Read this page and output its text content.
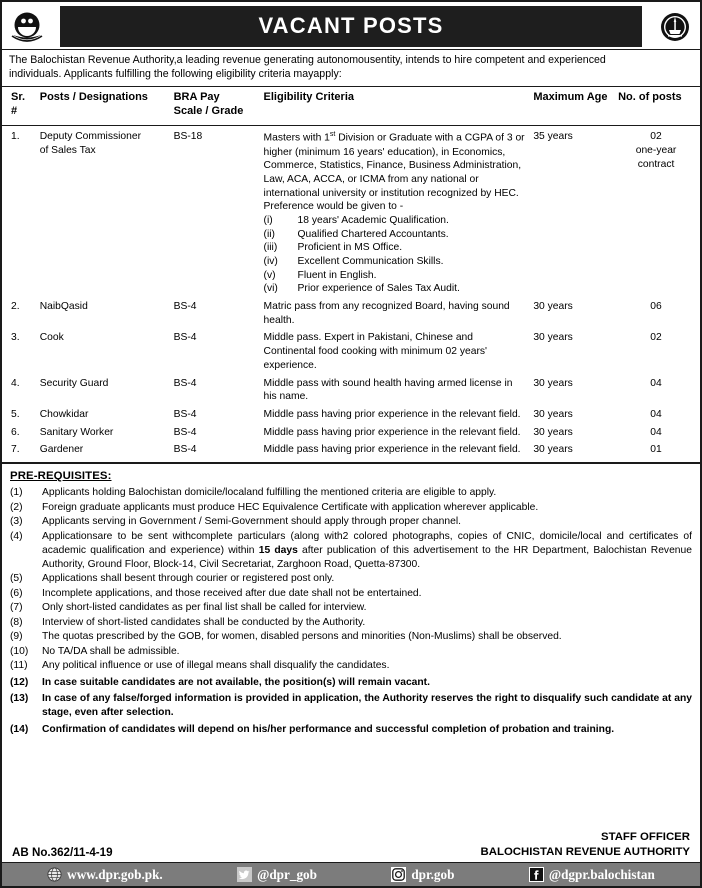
VACANT POSTS
The Balochistan Revenue Authority,a leading revenue generating autonomousentity, intends to hire competent and experienced
individuals. Applicants fulfilling the following eligibility criteria mayapply:
Sr. #	Posts / Designations	BRA Pay
Scale / Grade	Eligibility Criteria	Maximum Age	No. of posts
1.	Deputy Commissioner
of Sales Tax	BS-18	Masters with 1st Division or Graduate with a CGPA of 3 or higher (minimum 16 years' education), in Economics, Commerce, Statistics, Finance, Business Administration, Law, ACA, ACCA, or ICMA from any national or international university or institution recognized by HEC.
Preference would be given to -
(i)	18 years' Academic Qualification.
(ii)	Qualified Chartered Accountants.
(iii)	Proficient in MS Office.
(iv)	Excellent Communication Skills.
(v)	Fluent in English.
(vi)	Prior experience of Sales Tax Audit.
	35 years	02
one-year
contract
2.	NaibQasid	BS-4	Matric pass from any recognized Board, having sound health.	30 years	06
3.	Cook	BS-4	Middle pass. Expert in Pakistani, Chinese and Continental food cooking with minimum 02 years' experience.	30 years	02
4.	Security Guard	BS-4	Middle pass with sound health having armed license in his name.	30 years	04
5.	Chowkidar	BS-4	Middle pass having prior experience in the relevant field.	30 years	04
6.	Sanitary Worker	BS-4	Middle pass having prior experience in the relevant field.	30 years	04
7.	Gardener	BS-4	Middle pass having prior experience in the relevant field.	30 years	01
PRE-REQUISITES:
(1)	Applicants holding Balochistan domicile/localand fulfilling the mentioned criteria are eligible to apply.
(2)	Foreign graduate applicants must produce HEC Equivalence Certificate with application wherever applicable.
(3)	Applicants serving in Government / Semi-Government should apply through proper channel.
(4)	Applicationsare to be sent withcomplete particulars (along with2 colored photographs, copies of CNIC, domicile/local and certificates of academic qualification and experience) within 15 days after publication of this advertisement to the HR Department, Balochistan Revenue Authority, Ground Floor, Block-14, Civil Secretariat, Zarghoon Road, Quetta-87300.
(5)	Applications shall besent through courier or registered post only.
(6)	Incomplete applications, and those received after due date shall not be entertained.
(7)	Only short-listed candidates as per final list shall be called for interview.
(8)	Interview of short-listed candidates shall be conducted by the Authority.
(9)	The quotas prescribed by the GOB, for women, disabled persons and minorities (Non-Muslims) shall be observed.
(10)	No TA/DA shall be admissible.
(11)	Any political influence or use of illegal means shall disqualify the candidates.
(12)	In case suitable candidates are not available, the position(s) will remain vacant.
(13)	In case of any false/forged information is provided in application, the Authority reserves the right to disqualify such candidate at any stage, even after selection.
(14)	Confirmation of candidates will depend on his/her performance and successful completion of probation and training.
AB No.362/11-4-19
STAFF OFFICER
BALOCHISTAN REVENUE AUTHORITY
www.dpr.gob.pk.	@dpr_gob	dpr.gob	@dgpr.balochistan
